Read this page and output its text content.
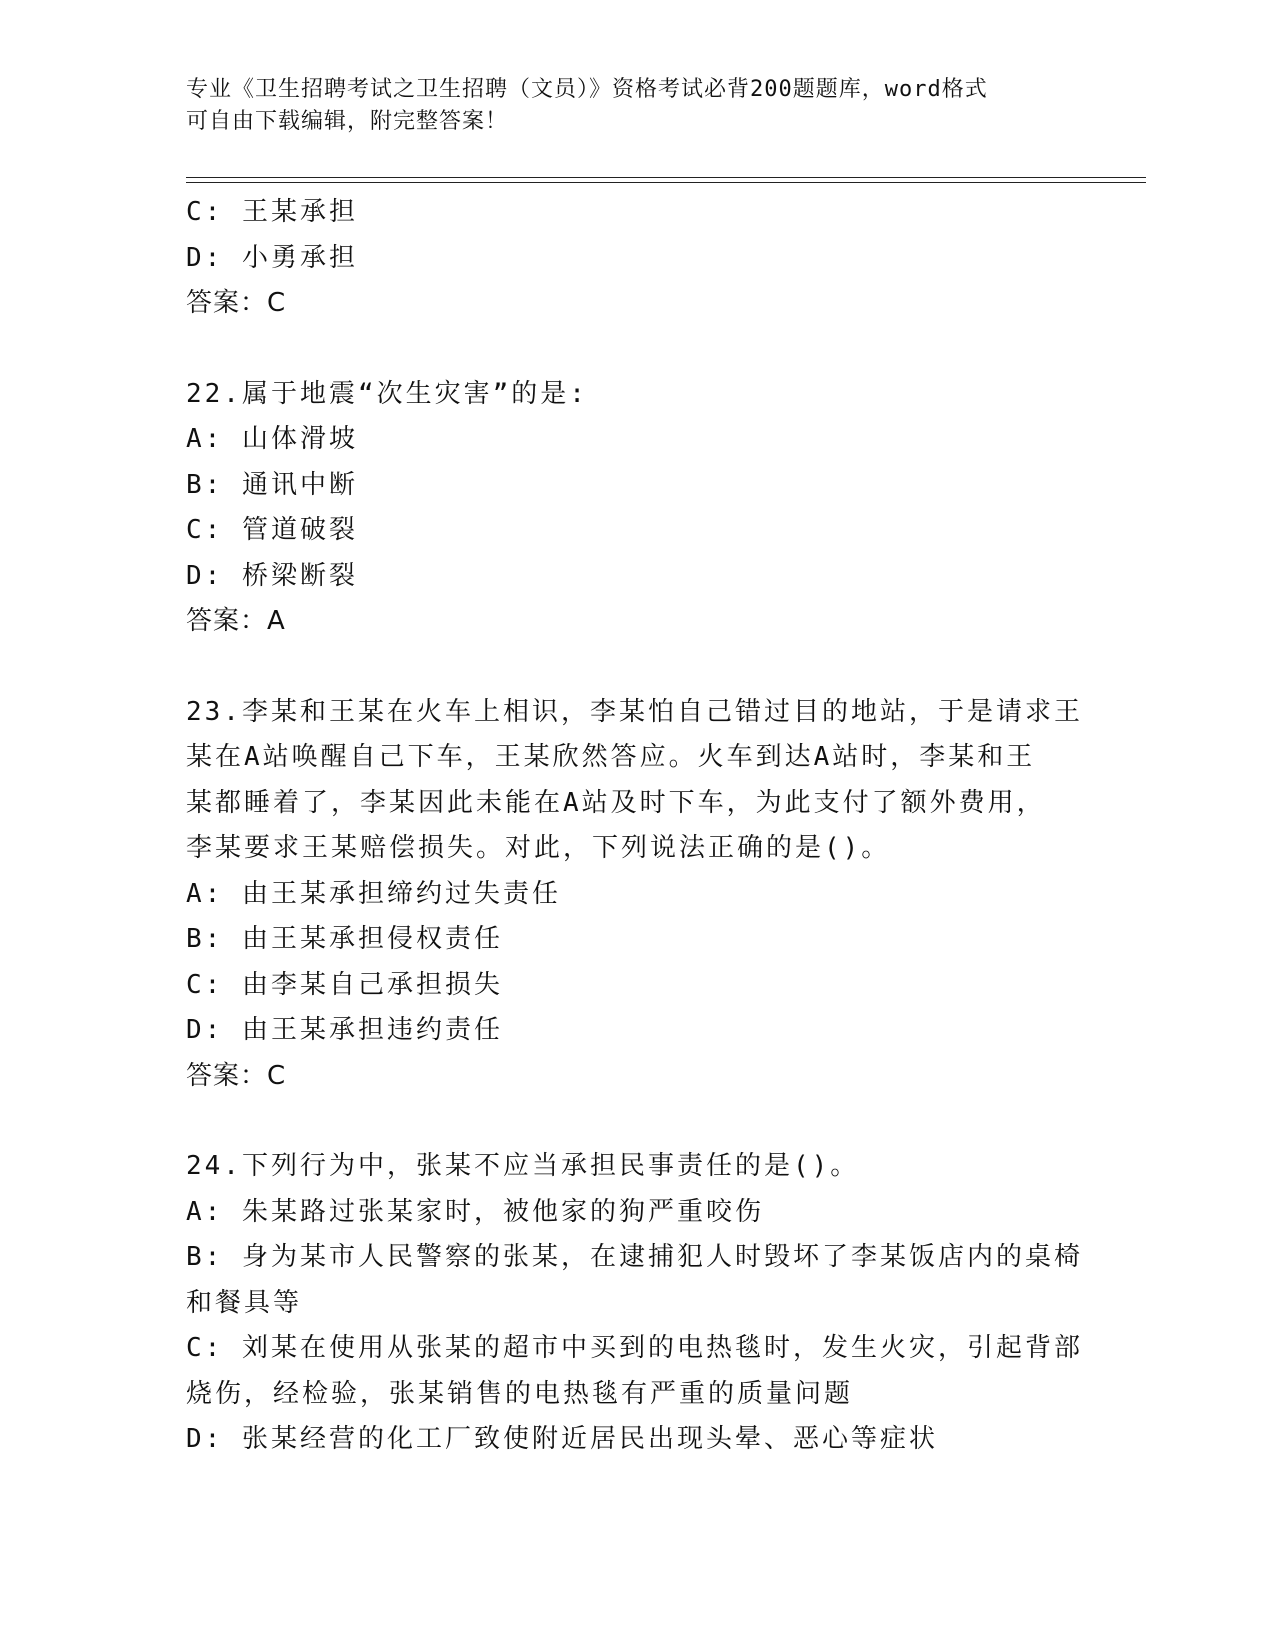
专业《卫生招聘考试之卫生招聘（文员）》资格考试必背200题题库，word格式
可自由下载编辑，附完整答案！

C: 王某承担

D: 小勇承担

答案：C

22.属于地震“次生灾害”的是:

A: 山体滑坡

B: 通讯中断

C: 管道破裂

D: 桥梁断裂

答案：A

23.李某和王某在火车上相识，李某怕自己错过目的地站，于是请求王

某在A站唤醒自己下车，王某欣然答应。火车到达A站时，李某和王

某都睡着了，李某因此未能在A站及时下车，为此支付了额外费用，

李某要求王某赔偿损失。对此，下列说法正确的是()。

A: 由王某承担缔约过失责任

B: 由王某承担侵权责任

C: 由李某自己承担损失

D: 由王某承担违约责任

答案：C

24.下列行为中，张某不应当承担民事责任的是()。

A: 朱某路过张某家时，被他家的狗严重咬伤

B: 身为某市人民警察的张某，在逮捕犯人时毁坏了李某饭店内的桌椅

和餐具等

C: 刘某在使用从张某的超市中买到的电热毯时，发生火灾，引起背部

烧伤，经检验，张某销售的电热毯有严重的质量问题

D: 张某经营的化工厂致使附近居民出现头晕、恶心等症状
